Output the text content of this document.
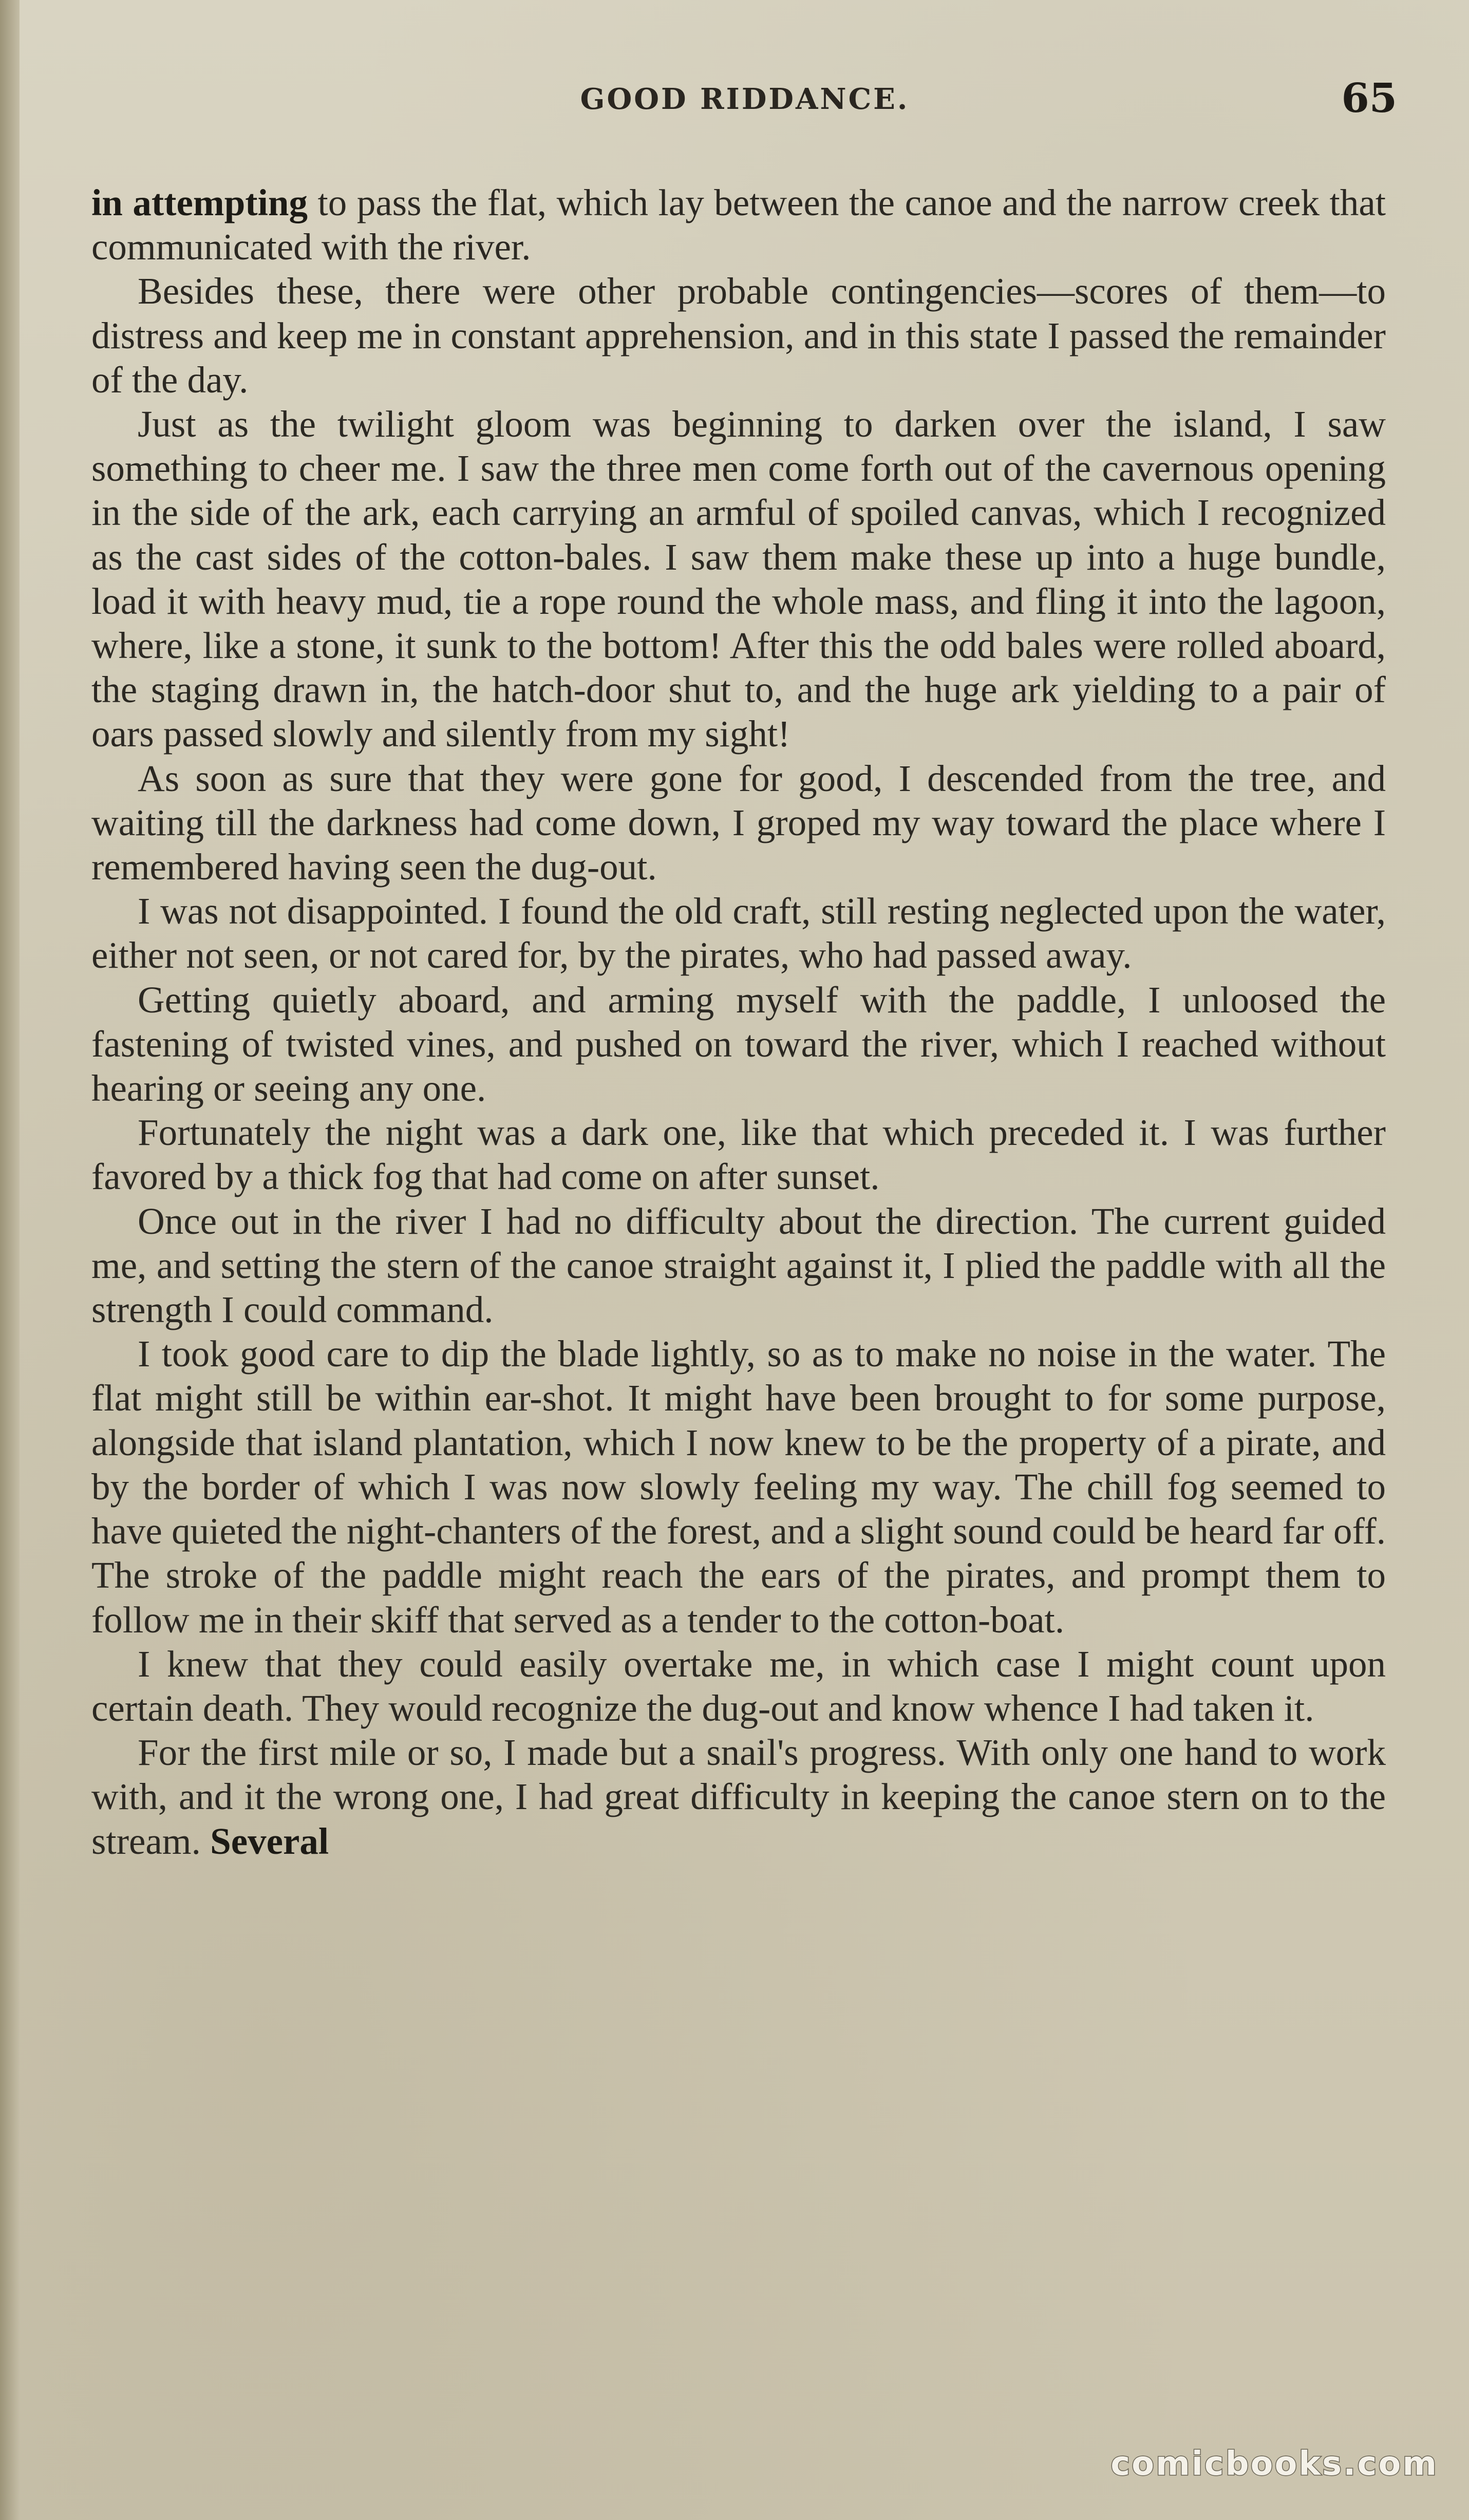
GOOD RIDDANCE.	65

in attempting to pass the flat, which lay between the canoe and the narrow creek that communicated with the river.

Besides these, there were other probable contingencies—scores of them—to distress and keep me in constant apprehension, and in this state I passed the remainder of the day.

Just as the twilight gloom was beginning to darken over the island, I saw something to cheer me. I saw the three men come forth out of the cavernous opening in the side of the ark, each carrying an armful of spoiled canvas, which I recognized as the cast sides of the cotton-bales. I saw them make these up into a huge bundle, load it with heavy mud, tie a rope round the whole mass, and fling it into the lagoon, where, like a stone, it sunk to the bottom! After this the odd bales were rolled aboard, the staging drawn in, the hatch-door shut to, and the huge ark yielding to a pair of oars passed slowly and silently from my sight!

As soon as sure that they were gone for good, I descended from the tree, and waiting till the darkness had come down, I groped my way toward the place where I remembered having seen the dug-out.

I was not disappointed. I found the old craft, still resting neglected upon the water, either not seen, or not cared for, by the pirates, who had passed away.

Getting quietly aboard, and arming myself with the paddle, I unloosed the fastening of twisted vines, and pushed on toward the river, which I reached without hearing or seeing any one.

Fortunately the night was a dark one, like that which preceded it. I was further favored by a thick fog that had come on after sunset.

Once out in the river I had no difficulty about the direction. The current guided me, and setting the stern of the canoe straight against it, I plied the paddle with all the strength I could command.

I took good care to dip the blade lightly, so as to make no noise in the water. The flat might still be within ear-shot. It might have been brought to for some purpose, alongside that island plantation, which I now knew to be the property of a pirate, and by the border of which I was now slowly feeling my way. The chill fog seemed to have quieted the night-chanters of the forest, and a slight sound could be heard far off. The stroke of the paddle might reach the ears of the pirates, and prompt them to follow me in their skiff that served as a tender to the cotton-boat.

I knew that they could easily overtake me, in which case I might count upon certain death. They would recognize the dug-out and know whence I had taken it.

For the first mile or so, I made but a snail's progress. With only one hand to work with, and it the wrong one, I had great difficulty in keeping the canoe stern on to the stream. Several

comicbooks.com
